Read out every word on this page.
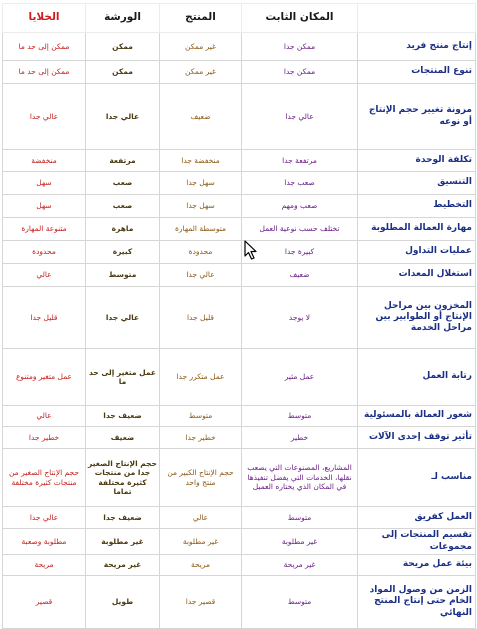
	المكان الثابت	المنتج	الورشة	الخلايا
إنتاج منتج فريد	ممكن جدا	غير ممكن	ممكن	ممكن إلى حد ما
تنوع المنتجات	ممكن جدا	غير ممكن	ممكن	ممكن إلى حد ما
مرونة تغيير حجم الإنتاج أو نوعه	عالي جدا	ضعيف	عالي جدا	عالي جدا
تكلفة الوحدة	مرتفعة جدا	منخفضة جدا	مرتفعة	منخفضة
التنسيق	صعب جدا	سهل جدا	صعب	سهل
التخطيط	صعب ومهم	سهل جدا	صعب	سهل
مهارة العمالة المطلوبة	تختلف حسب نوعية العمل	متوسطة المهارة	ماهرة	متنوعة المهارة
عمليات التداول	كبيرة جدا	محدودة	كبيرة	محدودة
استغلال المعدات	ضعيف	عالي جدا	متوسط	عالي
المخزون بين مراحل الإنتاج أو الطوابير بين مراحل الخدمة	لا يوجد	قليل جدا	عالي جدا	قليل جدا
رتابة العمل	عمل مثير	عمل متكرر جدا	عمل متغير إلى حد ما	عمل متغير ومتنوع
شعور العمالة بالمسئولية	متوسط	متوسط	ضعيف جدا	عالي
تأثير توقف إحدى الآلات	خطير	خطير جدا	ضعيف	خطير جدا
مناسب لـ	المشاريع، المصنوعات التي يصعب نقلها، الخدمات التي يفضل تنفيذها في المكان الذي يختاره العميل	حجم الإنتاج الكبير من منتج واحد	حجم الإنتاج الصغير جدا من منتجات كثيرة مختلفة تماما	حجم الإنتاج الصغير من منتجات كثيرة مختلفة
العمل كفريق	متوسط	عالي	ضعيف جدا	عالي جدا
تقسيم المنتجات إلى مجموعات	غير مطلوبة	غير مطلوبة	غير مطلوبة	مطلوبة وصعبة
بيئة عمل مريحة	غير مريحة	مريحة	غير مريحة	مريحة
الزمن من وصول المواد الخام حتى إنتاج المنتج النهائي	متوسط	قصير جدا	طويل	قصير
